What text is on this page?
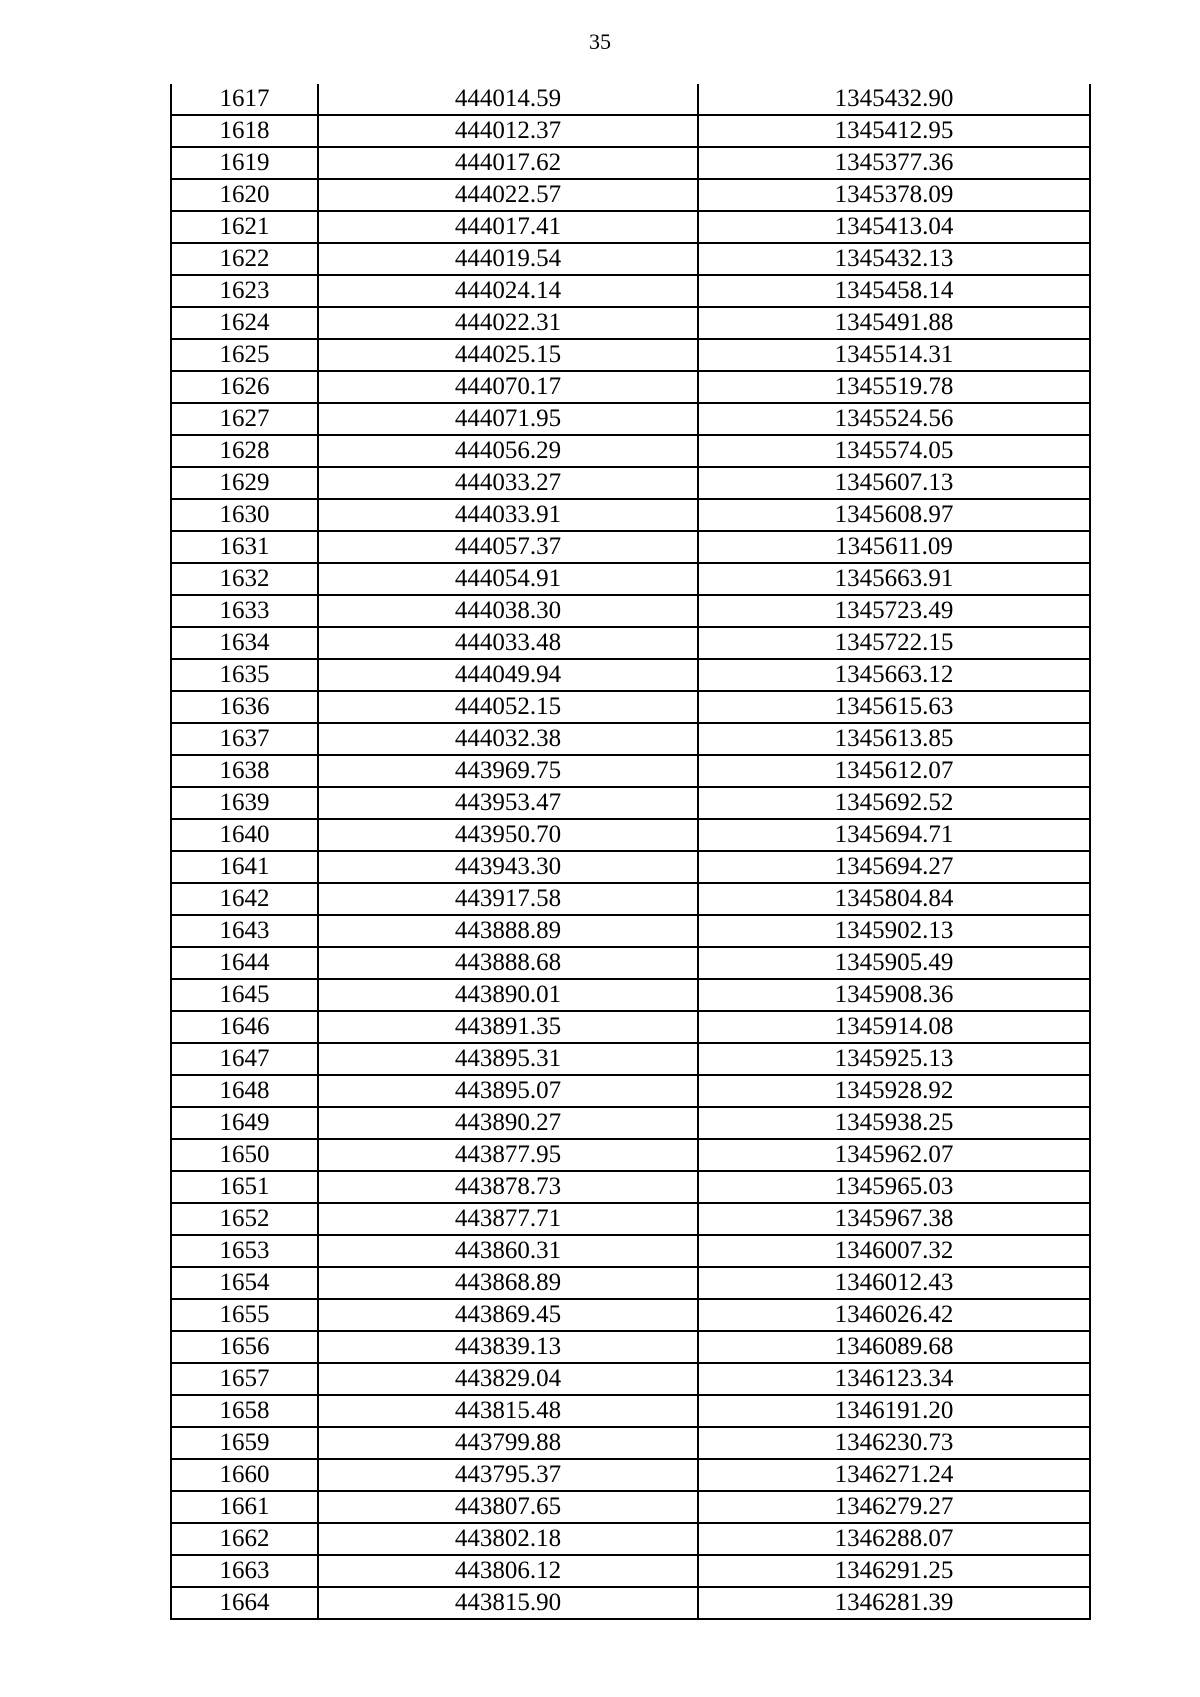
35
1617	444014.59	1345432.90
1618	444012.37	1345412.95
1619	444017.62	1345377.36
1620	444022.57	1345378.09
1621	444017.41	1345413.04
1622	444019.54	1345432.13
1623	444024.14	1345458.14
1624	444022.31	1345491.88
1625	444025.15	1345514.31
1626	444070.17	1345519.78
1627	444071.95	1345524.56
1628	444056.29	1345574.05
1629	444033.27	1345607.13
1630	444033.91	1345608.97
1631	444057.37	1345611.09
1632	444054.91	1345663.91
1633	444038.30	1345723.49
1634	444033.48	1345722.15
1635	444049.94	1345663.12
1636	444052.15	1345615.63
1637	444032.38	1345613.85
1638	443969.75	1345612.07
1639	443953.47	1345692.52
1640	443950.70	1345694.71
1641	443943.30	1345694.27
1642	443917.58	1345804.84
1643	443888.89	1345902.13
1644	443888.68	1345905.49
1645	443890.01	1345908.36
1646	443891.35	1345914.08
1647	443895.31	1345925.13
1648	443895.07	1345928.92
1649	443890.27	1345938.25
1650	443877.95	1345962.07
1651	443878.73	1345965.03
1652	443877.71	1345967.38
1653	443860.31	1346007.32
1654	443868.89	1346012.43
1655	443869.45	1346026.42
1656	443839.13	1346089.68
1657	443829.04	1346123.34
1658	443815.48	1346191.20
1659	443799.88	1346230.73
1660	443795.37	1346271.24
1661	443807.65	1346279.27
1662	443802.18	1346288.07
1663	443806.12	1346291.25
1664	443815.90	1346281.39
